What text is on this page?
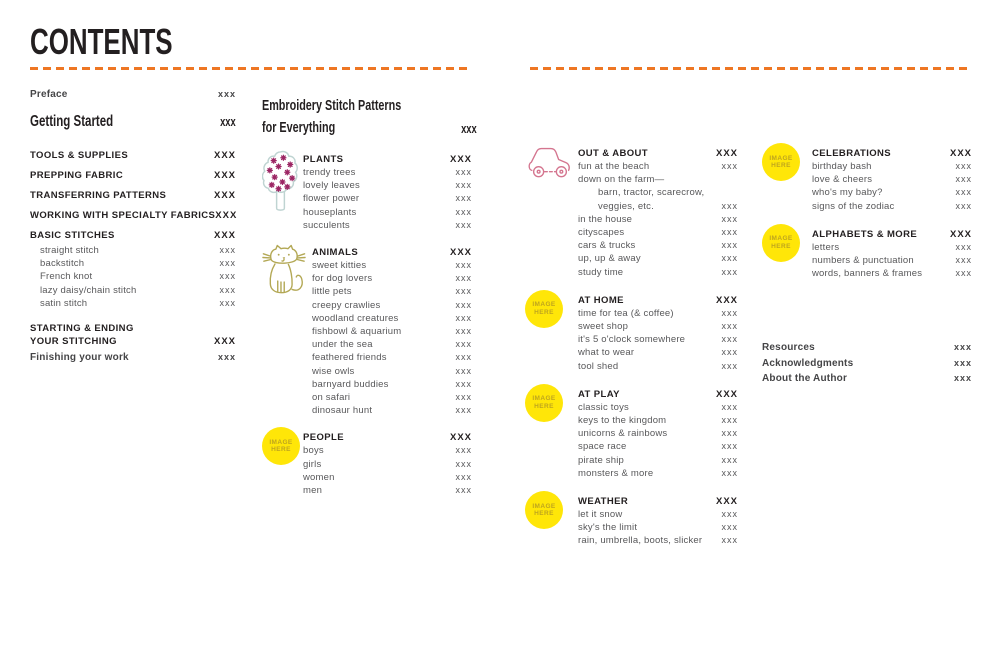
CONTENTS
Preface	xxx
Getting Started	xxx
TOOLS & SUPPLIES	XXX
PREPPING FABRIC	XXX
TRANSFERRING PATTERNS	XXX
WORKING WITH SPECIALTY FABRICS XXX
BASIC STITCHES	XXX
straight stitch	xxx
backstitch	xxx
French knot	xxx
lazy daisy/chain stitch	xxx
satin stitch	xxx
STARTING & ENDING
YOUR STITCHING	XXX
Finishing your work	xxx
Embroidery Stitch Patterns
for Everything	xxx
PLANTS	XXX
trendy trees	xxx
lovely leaves	xxx
flower power	xxx
houseplants	xxx
succulents	xxx
ANIMALS	XXX
sweet kitties	xxx
for dog lovers	xxx
little pets	xxx
creepy crawlies	xxx
woodland creatures	xxx
fishbowl & aquarium	xxx
under the sea	xxx
feathered friends	xxx
wise owls	xxx
barnyard buddies	xxx
on safari	xxx
dinosaur hunt	xxx
IMAGE
HERE
PEOPLE	XXX
boys	xxx
girls	xxx
women	xxx
men	xxx
OUT & ABOUT	XXX
fun at the beach	xxx
down on the farm—
barn, tractor, scarecrow,
veggies, etc.	xxx
in the house	xxx
cityscapes	xxx
cars & trucks	xxx
up, up & away	xxx
study time	xxx
IMAGE
HERE
AT HOME	XXX
time for tea (& coffee)	xxx
sweet shop	xxx
it's 5 o'clock somewhere	xxx
what to wear	xxx
tool shed	xxx
IMAGE
HERE
AT PLAY	XXX
classic toys	xxx
keys to the kingdom	xxx
unicorns & rainbows	xxx
space race	xxx
pirate ship	xxx
monsters & more	xxx
IMAGE
HERE
WEATHER	XXX
let it snow	xxx
sky's the limit	xxx
rain, umbrella, boots, slicker xxx
IMAGE
HERE
CELEBRATIONS	XXX
birthday bash	xxx
love & cheers	xxx
who's my baby?	xxx
signs of the zodiac	xxx
IMAGE
HERE
ALPHABETS & MORE	XXX
letters	xxx
numbers & punctuation	xxx
words, banners & frames	xxx
Resources	xxx
Acknowledgments	xxx
About the Author	xxx
